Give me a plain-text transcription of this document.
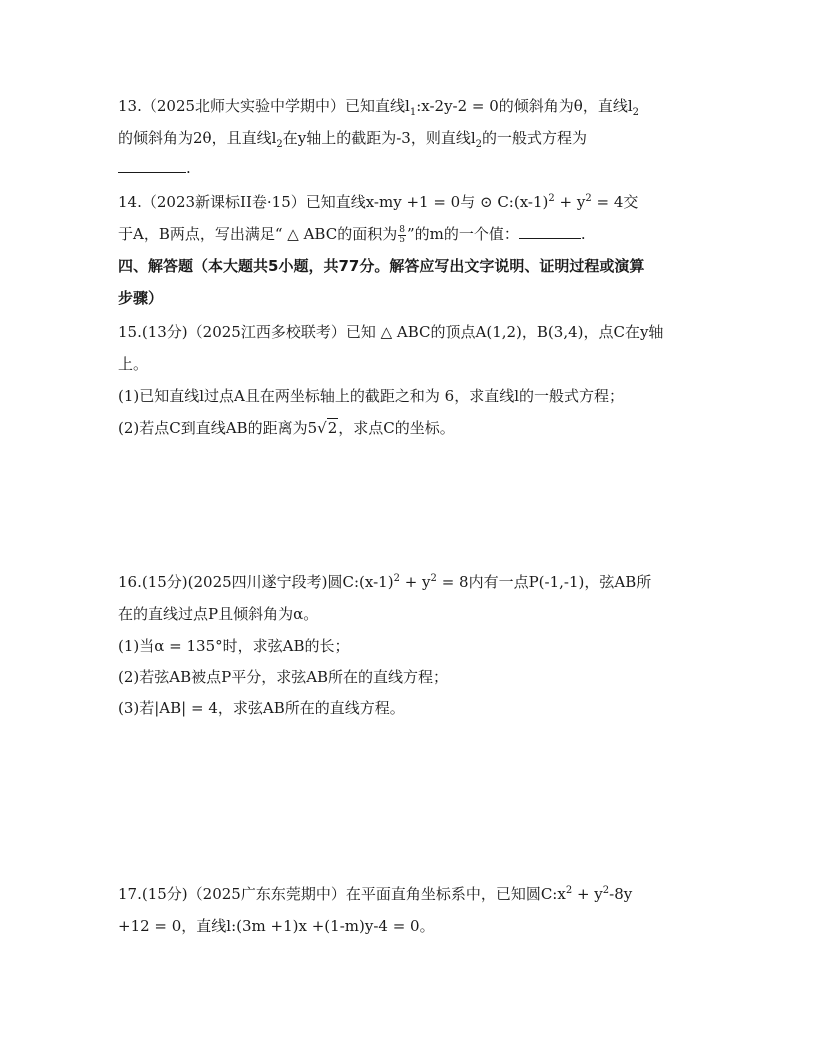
13.（2025北师大实验中学期中）已知直线$l_1:x-2y-2 = 0$的倾斜角为θ，直线$l_2$
的倾斜角为2θ，且直线$l_2$在y轴上的截距为-3，则直线$l_2$的一般式方程为
.
14.（2023新课标II卷·15）已知直线x-my +1 = 0与 ⊙ $C:(x-1)^2 + y^2 = 4$交
于A，B两点，写出满足“ △ ABC的面积为 $\frac{8}{5}$ ”的m的一个值：	.
四、解答题（本大题共5小题，共77分。解答应写出文字说明、证明过程或演算
步骤）
15.(13分)（2025江西多校联考）已知 △ ABC的顶点A(1,2)，B(3,4)，点C在y轴
上。
(1)已知直线l过点A且在两坐标轴上的截距之和为 6，求直线l的一般式方程；
(2)若点C到直线AB的距离为5√2，求点C的坐标。
16.(15分)(2025四川遂宁段考)圆$C:(x-1)^2 + y^2 = 8$内有一点P(-1,-1)，弦AB所
在的直线过点P且倾斜角为α。
(1)当α = 135°时，求弦AB的长；
(2)若弦AB被点P平分，求弦AB所在的直线方程；
(3)若|AB| = 4，求弦AB所在的直线方程。
17.(15分)（2025广东东莞期中）在平面直角坐标系中，已知圆$C:x^2 + y^2-8y$
+12 = 0，直线l:(3m +1)x +(1-m)y-4 = 0。
